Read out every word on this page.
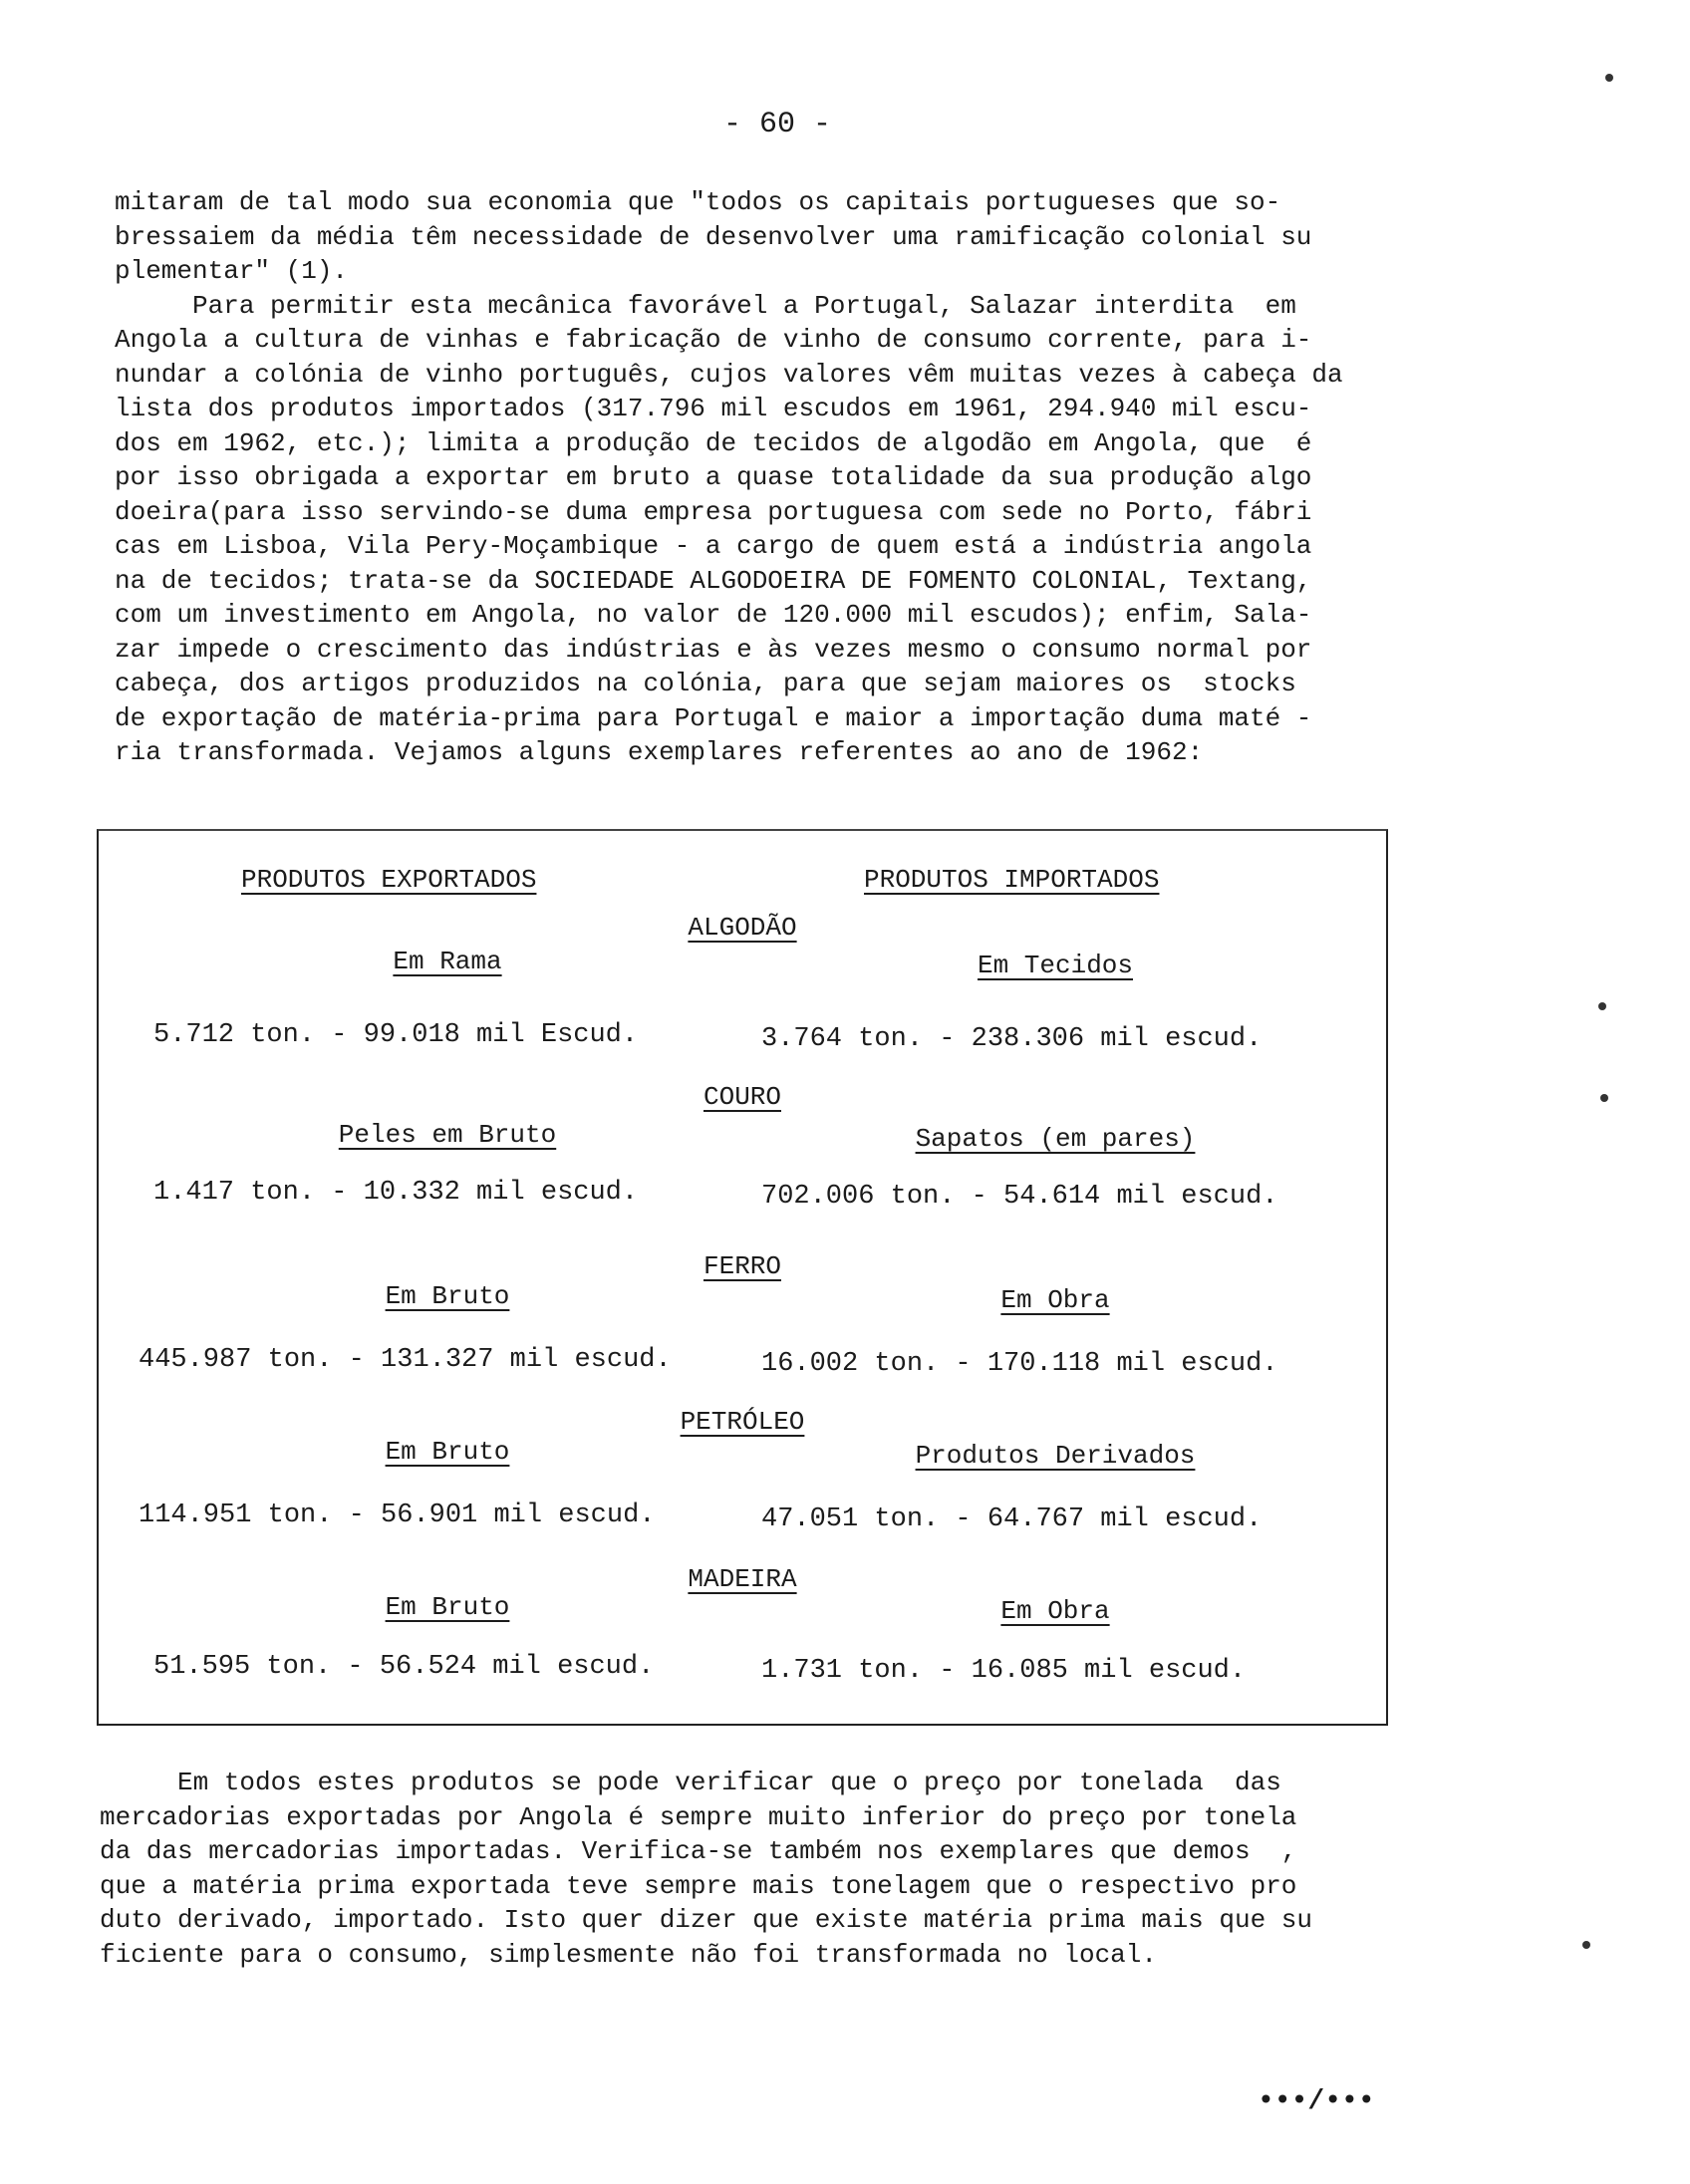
- 60 -

mitaram de tal modo sua economia que "todos os capitais portugueses que so-
bressaiem da média têm necessidade de desenvolver uma ramificação colonial su
plementar" (1).
Para permitir esta mecânica favorável a Portugal, Salazar interdita  em
Angola a cultura de vinhas e fabricação de vinho de consumo corrente, para i-
nundar a colónia de vinho português, cujos valores vêm muitas vezes à cabeça da
lista dos produtos importados (317.796 mil escudos em 1961, 294.940 mil escu-
dos em 1962, etc.); limita a produção de tecidos de algodão em Angola, que  é
por isso obrigada a exportar em bruto a quase totalidade da sua produção algo
doeira(para isso servindo-se duma empresa portuguesa com sede no Porto, fábri
cas em Lisboa, Vila Pery-Moçambique - a cargo de quem está a indústria angola
na de tecidos; trata-se da SOCIEDADE ALGODOEIRA DE FOMENTO COLONIAL, Textang,
com um investimento em Angola, no valor de 120.000 mil escudos); enfim, Sala-
zar impede o crescimento das indústrias e às vezes mesmo o consumo normal por
cabeça, dos artigos produzidos na colónia, para que sejam maiores os  stocks
de exportação de matéria-prima para Portugal e maior a importação duma maté -
ria transformada. Vejamos alguns exemplares referentes ao ano de 1962:

PRODUTOS EXPORTADOS	PRODUTOS IMPORTADOS
ALGODÃO
Em Rama	Em Tecidos
5.712 ton. - 99.018 mil Escud.	3.764 ton. - 238.306 mil escud.
COURO
Peles em Bruto	Sapatos (em pares)
1.417 ton. - 10.332 mil escud.	702.006 ton. - 54.614 mil escud.
FERRO
Em Bruto	Em Obra
445.987 ton. - 131.327 mil escud.	16.002 ton. - 170.118 mil escud.
PETRÓLEO
Em Bruto	Produtos Derivados
114.951 ton. - 56.901 mil escud.	47.051 ton. - 64.767 mil escud.
MADEIRA
Em Bruto	Em Obra
51.595 ton. - 56.524 mil escud.	1.731 ton. - 16.085 mil escud.

Em todos estes produtos se pode verificar que o preço por tonelada  das
mercadorias exportadas por Angola é sempre muito inferior do preço por tonela
da das mercadorias importadas. Verifica-se também nos exemplares que demos  ,
que a matéria prima exportada teve sempre mais tonelagem que o respectivo pro
duto derivado, importado. Isto quer dizer que existe matéria prima mais que su
ficiente para o consumo, simplesmente não foi transformada no local.

•••/•••
